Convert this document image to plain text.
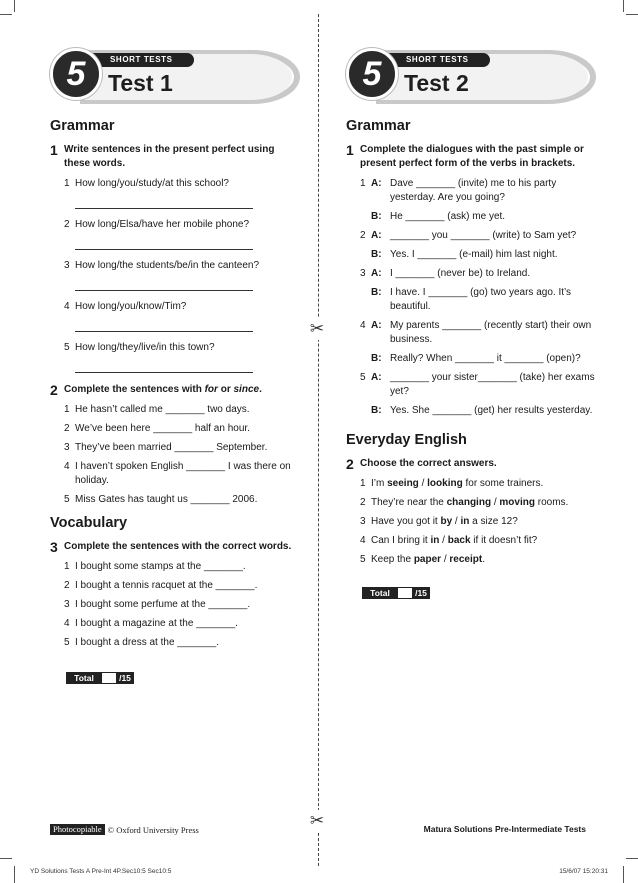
✂
✂
SHORT TESTS
5 Test 1
Grammar
1 Write sentences in the present perfect using these words.
1 How long/you/study/at this school?
2 How long/Elsa/have her mobile phone?
3 How long/the students/be/in the canteen?
4 How long/you/know/Tim?
5 How long/they/live/in this town?
2 Complete the sentences with for or since.
1 He hasn’t called me _______ two days.
2 We’ve been here _______ half an hour.
3 They’ve been married _______ September.
4 I haven’t spoken English _______ I was there on holiday.
5 Miss Gates has taught us _______ 2006.
Vocabulary
3 Complete the sentences with the correct words.
1 I bought some stamps at the _______.
2 I bought a tennis racquet at the _______.
3 I bought some perfume at the _______.
4 I bought a magazine at the _______.
5 I bought a dress at the _______.
Total	/15
SHORT TESTS
5 Test 2
Grammar
1 Complete the dialogues with the past simple or present perfect form of the verbs in brackets.
1 A: Dave _______ (invite) me to his party yesterday. Are you going?
B: He _______ (ask) me yet.
2 A: _______ you _______ (write) to Sam yet?
B: Yes. I _______ (e-mail) him last night.
3 A: I _______ (never be) to Ireland.
B: I have. I _______ (go) two years ago. It’s beautiful.
4 A: My parents _______ (recently start) their own business.
B: Really? When _______ it _______ (open)?
5 A: _______ your sister_______ (take) her exams yet?
B: Yes. She _______ (get) her results yesterday.
Everyday English
2 Choose the correct answers.
1 I’m seeing / looking for some trainers.
2 They’re near the changing / moving rooms.
3 Have you got it by / in a size 12?
4 Can I bring it in / back if it doesn’t fit?
5 Keep the paper / receipt.
Total	/15
Photocopiable © Oxford University Press	Matura Solutions Pre-Intermediate Tests
YD Solutions Tests A Pre-Int 4P.Sec10:5 Sec10:5	15/6/07 15:20:31
